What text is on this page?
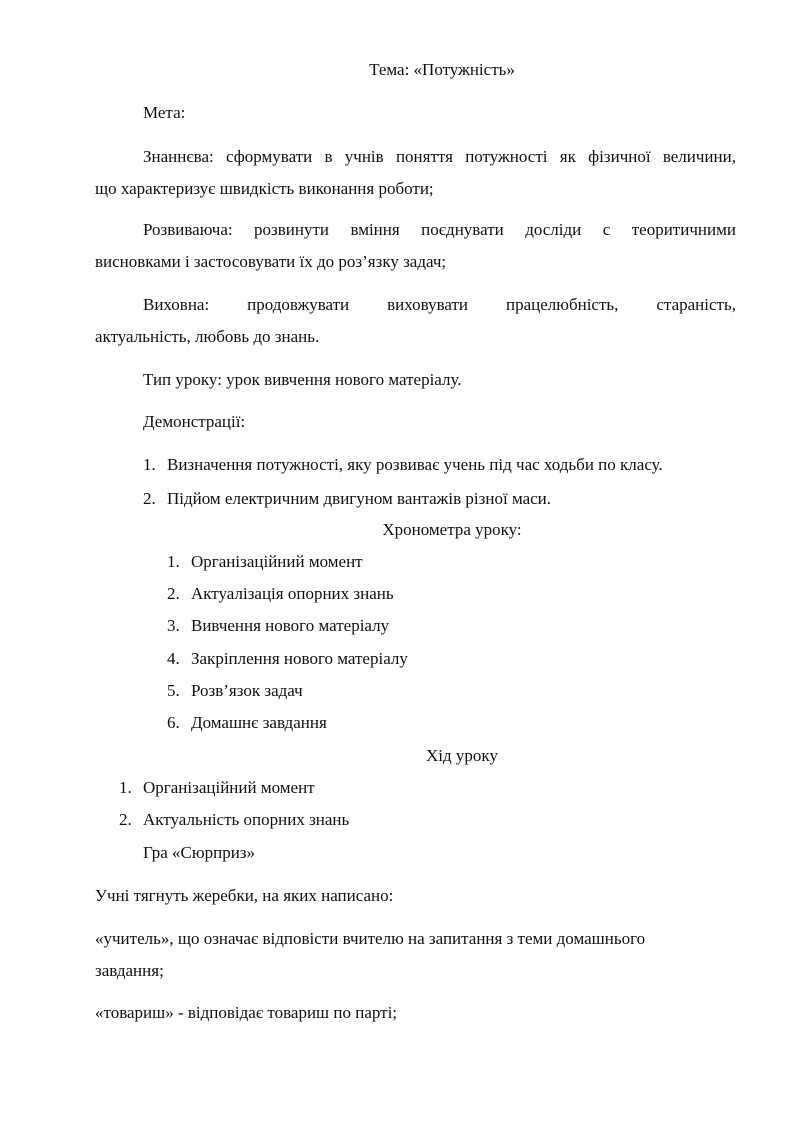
Тема: «Потужність»
Мета:
Знаннєва: сформувати в учнів поняття потужності як фізичної величини,
що характеризує швидкість виконання роботи;
Розвиваюча: розвинути вміння поєднувати досліди с теоритичними
висновками і застосовувати їх до роз’язку задач;
Виховна: продовжувати виховувати працелюбність, стараність,
актуальність, любовь до знань.
Тип уроку: урок вивчення нового матеріалу.
Демонстрації:
1. Визначення потужності, яку розвиває учень під час ходьби по класу.
2. Підйом електричним двигуном вантажів різної маси.
Хронометра уроку:
1. Організаційний момент
2. Актуалізація опорних знань
3. Вивчення нового матеріалу
4. Закріплення нового матеріалу
5. Розв’язок задач
6. Домашнє завдання
Хід уроку
1. Організаційний момент
2. Актуальність опорних знань
Гра «Сюрприз»
Учні тягнуть жеребки, на яких написано:
«учитель», що означає відповісти вчителю на запитання з теми домашнього
завдання;
«товариш» - відповідає товариш по парті;
